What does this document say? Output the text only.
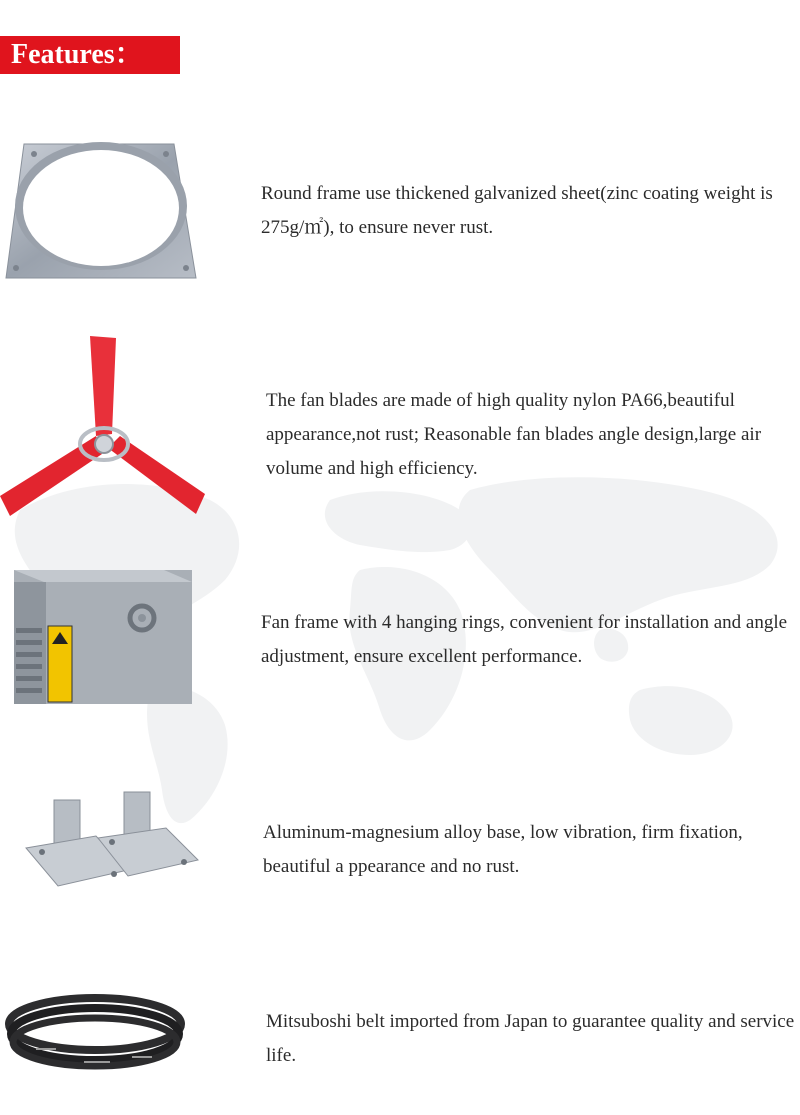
Features：

Round frame use thickened galvanized sheet(zinc coating weight is 275g/㎡), to ensure never rust.

The fan blades are made of high quality nylon PA66,beautiful appearance,not rust; Reasonable fan blades angle design,large air volume and high efficiency.

Fan frame with 4 hanging rings, convenient for installation and angle adjustment, ensure excellent performance.

Aluminum-magnesium alloy base, low vibration, firm fixation, beautiful a ppearance and no rust.

Mitsuboshi belt imported from Japan to guarantee quality and service life.
